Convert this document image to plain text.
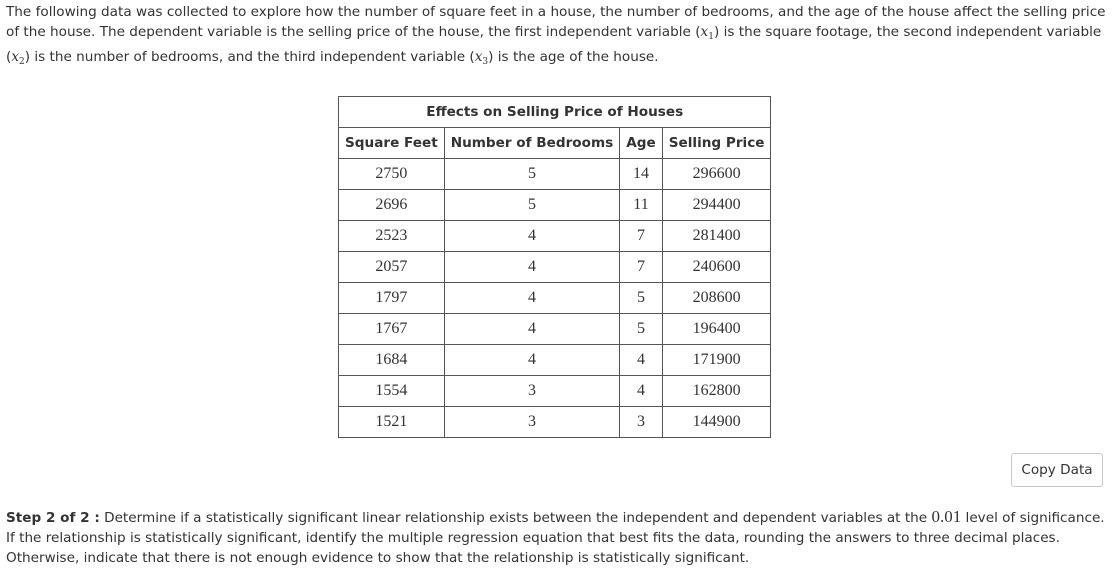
The following data was collected to explore how the number of square feet in a house, the number of bedrooms, and the age of the house affect the selling price of the house. The dependent variable is the selling price of the house, the first independent variable $(x_1)$ is the square footage, the second independent variable $(x_2)$ is the number of bedrooms, and the third independent variable $(x_3)$ is the age of the house.
Effects on Selling Price of Houses
Square Feet	Number of Bedrooms	Age	Selling Price
2750	5	14	296600
2696	5	11	294400
2523	4	7	281400
2057	4	7	240600
1797	4	5	208600
1767	4	5	196400
1684	4	4	171900
1554	3	4	162800
1521	3	3	144900
Copy Data
Step 2 of 2 : Determine if a statistically significant linear relationship exists between the independent and dependent variables at the 0.01 level of significance. If the relationship is statistically significant, identify the multiple regression equation that best fits the data, rounding the answers to three decimal places. Otherwise, indicate that there is not enough evidence to show that the relationship is statistically significant.
